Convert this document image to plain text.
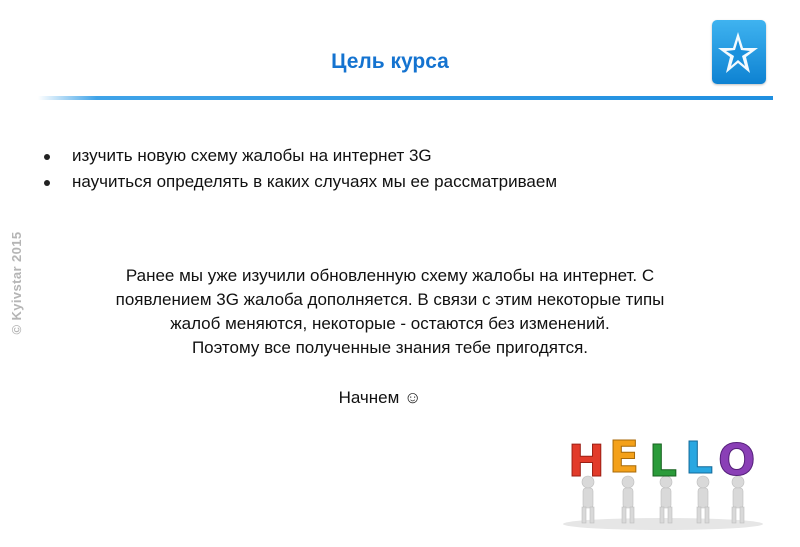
Цель курса
© Kyivstar 2015
изучить новую схему жалобы на интернет 3G
научиться определять в каких случаях мы ее рассматриваем
Ранее мы уже изучили обновленную схему жалобы на интернет. С
появлением 3G жалоба дополняется. В связи с этим некоторые типы
жалоб меняются, некоторые - остаются без изменений.
Поэтому все полученные знания тебе пригодятся.
Начнем ☺
H E L L O
